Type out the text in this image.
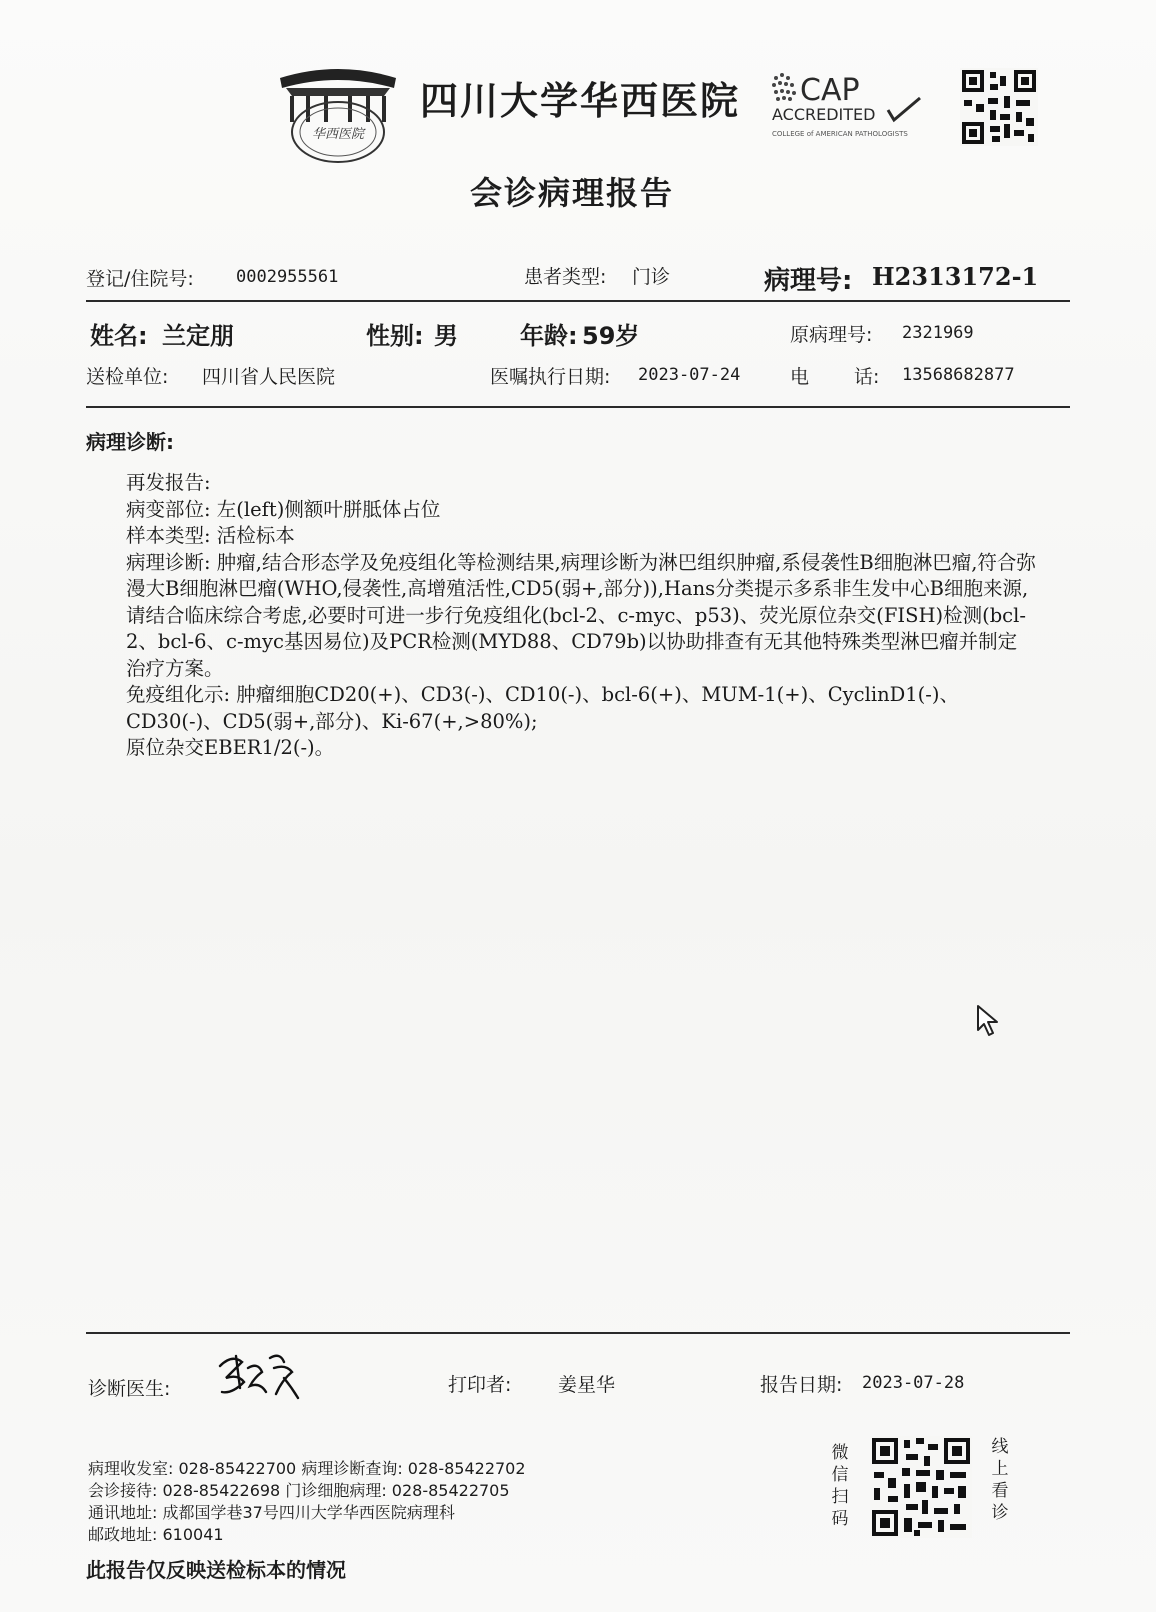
华西医院
四川大学华西医院 CAP
ACCREDITED
COLLEGE of AMERICAN PATHOLOGISTS
会诊病理报告
登记/住院号: 0002955561	患者类型: 门诊	病理号: H2313172-1
姓名: 兰定朋	性别: 男	年龄: 59岁	原病理号: 2321969
送检单位: 四川省人民医院	医嘱执行日期: 2023-07-24	电 话: 13568682877
病理诊断:

再发报告:

病变部位: 左(left)侧额叶胼胝体占位

样本类型: 活检标本

病理诊断: 肿瘤,结合形态学及免疫组化等检测结果,病理诊断为淋巴组织肿瘤,系侵袭性B细胞淋巴瘤,符合弥漫大B细胞淋巴瘤(WHO,侵袭性,高增殖活性,CD5(弱+,部分)),Hans分类提示多系非生发中心B细胞来源,请结合临床综合考虑,必要时可进一步行免疫组化(bcl-2、c-myc、p53)、荧光原位杂交(FISH)检测(bcl-2、bcl-6、c-myc基因易位)及PCR检测(MYD88、CD79b)以协助排查有无其他特殊类型淋巴瘤并制定治疗方案。

免疫组化示: 肿瘤细胞CD20(+)、CD3(-)、CD10(-)、bcl-6(+)、MUM-1(+)、CyclinD1(-)、CD30(-)、CD5(弱+,部分)、Ki-67(+,>80%);

原位杂交EBER1/2(-)。

诊断医生:	打印者: 姜星华	报告日期: 2023-07-28
病理收发室: 028-85422700 病理诊断查询: 028-85422702
会诊接待: 028-85422698 门诊细胞病理: 028-85422705
通讯地址: 成都国学巷37号四川大学华西医院病理科
邮政地址: 610041
微信扫码
线上看诊
此报告仅反映送检标本的情况
